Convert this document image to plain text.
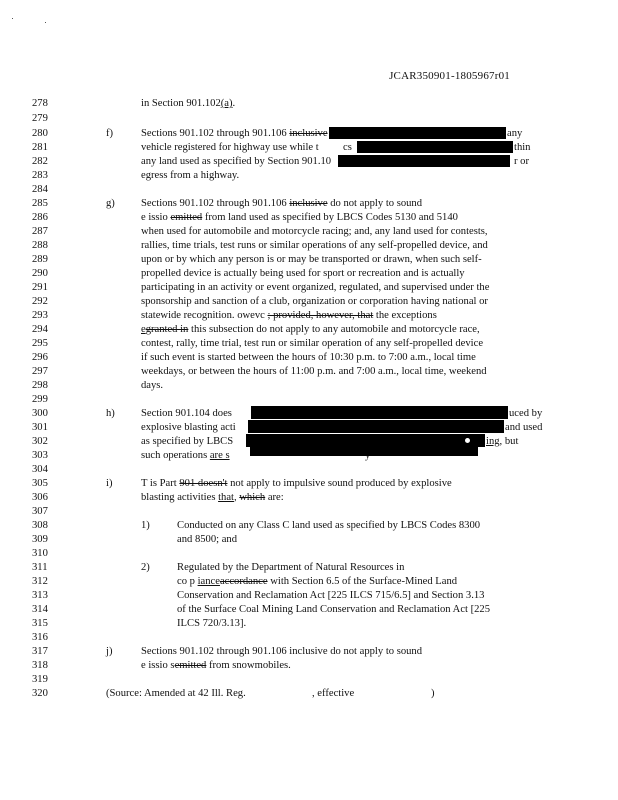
JCAR350901-1805967r01
278
279
280
281
282
283
284
285
286
287
288
289
290
291
292
293
294
295
296
297
298
299
300
301
302
303
304
305
306
307
308
309
310
311
312
313
314
315
316
317
318
319
320
in Section 901.102(a).
f)	Sections 901.102 through 901.106 inclusive	any
vehicle registered for highway use while t cs	thin
any land used as specified by Section 901.10	r or
egress from a highway.
g) Sections 901.102 through 901.106 inclusive do not apply to sound
e issio emitted from land used as specified by LBCS Codes 5130 and 5140
when used for automobile and motorcycle racing; and, any land used for contests,
rallies, time trials, test runs or similar operations of any self-propelled device, and
upon or by which any person is or may be transported or drawn, when such self-
propelled device is actually being used for sport or recreation and is actually
participating in an activity or event organized, regulated, and supervised under the
sponsorship and sanction of a club, organization or corporation having national or
statewide recognition. owevc ; provided, however, that the exceptions
egranted in this subsection do not apply to any automobile and motorcycle race,
contest, rally, time trial, test run or similar operation of any self-propelled device
if such event is started between the hours of 10:30 p.m. to 7:00 a.m., local time
weekdays, or between the hours of 11:00 p.m. and 7:00 a.m., local time, weekend
days.
h) Section 901.104 does	uced by
explosive blasting acti	and used
as specified by LBCS	ing, but
such operations are s
i)	T is Part 901 doesn't not apply to impulsive sound produced by explosive
blasting activities that, which are:
1)	Conducted on any Class C land used as specified by LBCS Codes 8300
and 8500; and
2)	Regulated by the Department of Natural Resources in
co p ianceaccordance with Section 6.5 of the Surface-Mined Land
Conservation and Reclamation Act [225 ILCS 715/6.5] and Section 3.13
of the Surface Coal Mining Land Conservation and Reclamation Act [225
ILCS 720/3.13].
j)	Sections 901.102 through 901.106 inclusive do not apply to sound
e issio semitted from snowmobiles.
(Source: Amended at 42 Ill. Reg.	, effective	)
